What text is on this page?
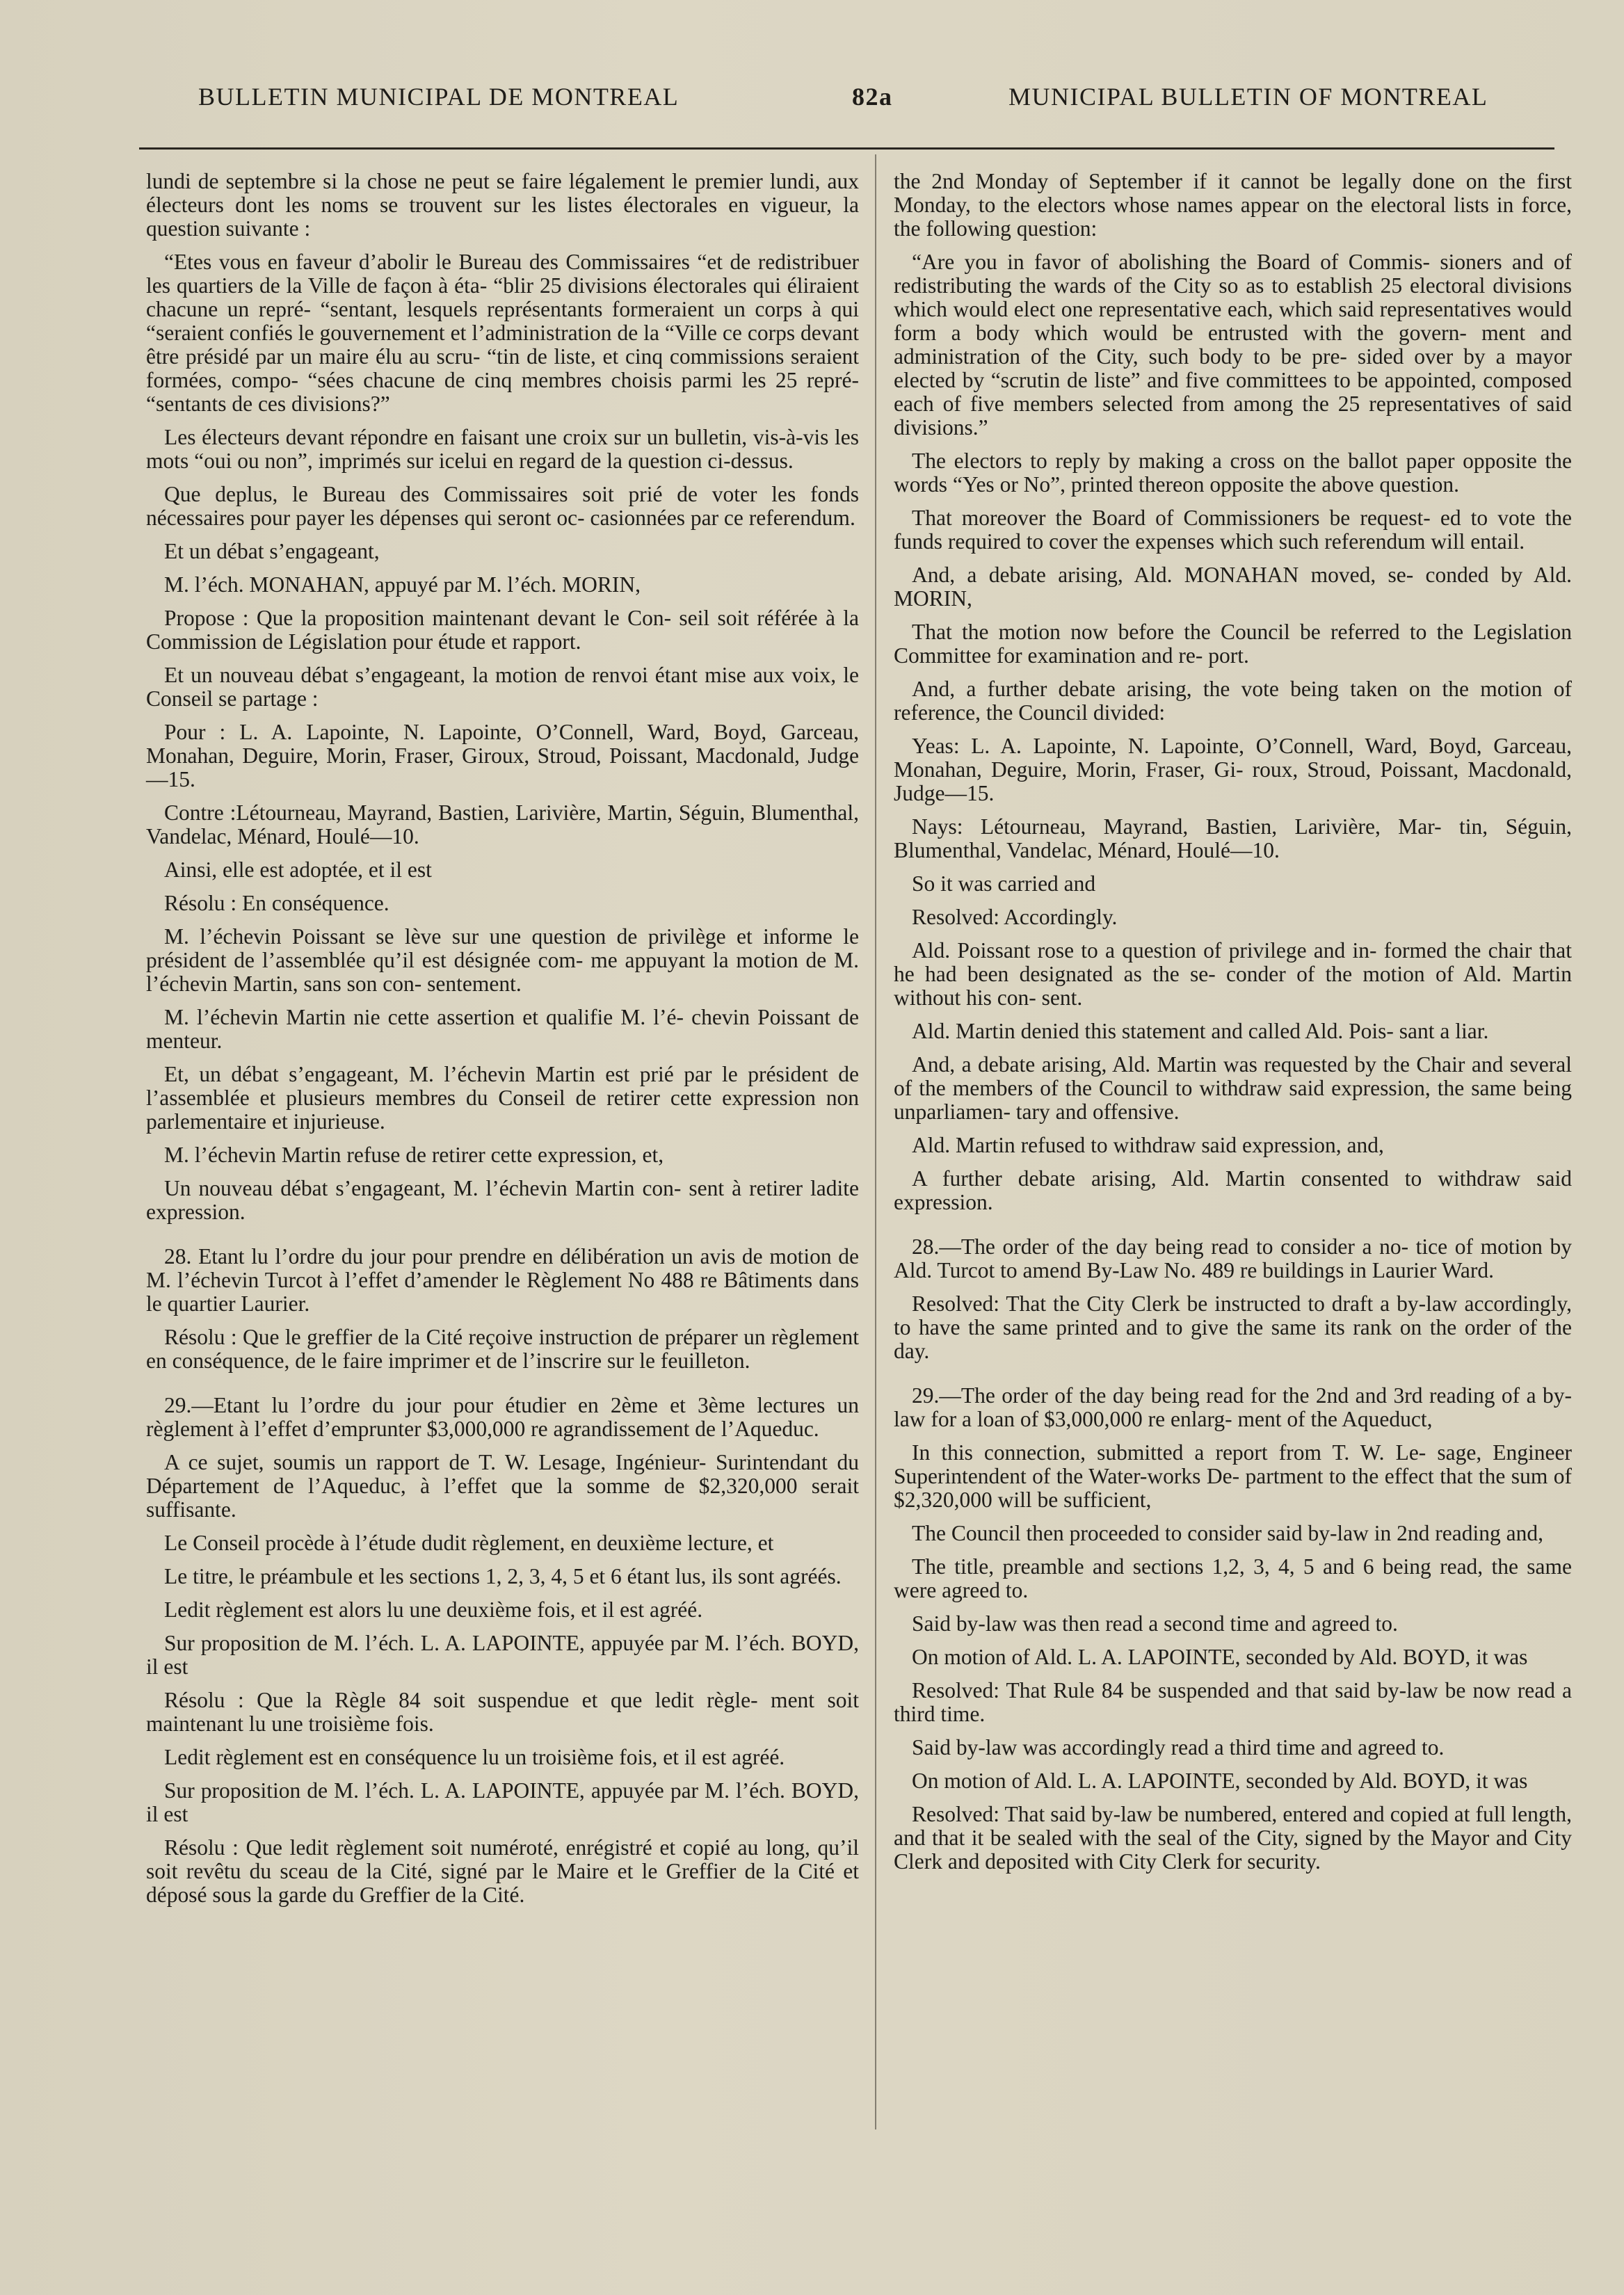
BULLETIN MUNICIPAL DE MONTREAL	82a	MUNICIPAL BULLETIN OF MONTREAL

lundi de septembre si la chose ne peut se faire légalement le premier lundi, aux électeurs dont les noms se trouvent sur les listes électorales en vigueur, la question suivante :

“Etes vous en faveur d’abolir le Bureau des Commissaires “et de redistribuer les quartiers de la Ville de façon à éta- “blir 25 divisions électorales qui éliraient chacune un repré- “sentant, lesquels représentants formeraient un corps à qui “seraient confiés le gouvernement et l’administration de la “Ville ce corps devant être présidé par un maire élu au scru- “tin de liste, et cinq commissions seraient formées, compo- “sées chacune de cinq membres choisis parmi les 25 repré- “sentants de ces divisions?”

Les électeurs devant répondre en faisant une croix sur un bulletin, vis-à-vis les mots “oui ou non”, imprimés sur icelui en regard de la question ci-dessus.

Que deplus, le Bureau des Commissaires soit prié de voter les fonds nécessaires pour payer les dépenses qui seront oc- casionnées par ce referendum.

Et un débat s’engageant,

M. l’éch. MONAHAN, appuyé par M. l’éch. MORIN,

Propose : Que la proposition maintenant devant le Con- seil soit référée à la Commission de Législation pour étude et rapport.

Et un nouveau débat s’engageant, la motion de renvoi étant mise aux voix, le Conseil se partage :

Pour : L. A. Lapointe, N. Lapointe, O’Connell, Ward, Boyd, Garceau, Monahan, Deguire, Morin, Fraser, Giroux, Stroud, Poissant, Macdonald, Judge—15.

Contre :Létourneau, Mayrand, Bastien, Larivière, Martin, Séguin, Blumenthal, Vandelac, Ménard, Houlé—10.

Ainsi, elle est adoptée, et il est

Résolu : En conséquence.

M. l’échevin Poissant se lève sur une question de privilège et informe le président de l’assemblée qu’il est désignée com- me appuyant la motion de M. l’échevin Martin, sans son con- sentement.

M. l’échevin Martin nie cette assertion et qualifie M. l’é- chevin Poissant de menteur.

Et, un débat s’engageant, M. l’échevin Martin est prié par le président de l’assemblée et plusieurs membres du Conseil de retirer cette expression non parlementaire et injurieuse.

M. l’échevin Martin refuse de retirer cette expression, et,

Un nouveau débat s’engageant, M. l’échevin Martin con- sent à retirer ladite expression.

28. Etant lu l’ordre du jour pour prendre en délibération un avis de motion de M. l’échevin Turcot à l’effet d’amender le Règlement No 488 re Bâtiments dans le quartier Laurier.

Résolu : Que le greffier de la Cité reçoive instruction de préparer un règlement en conséquence, de le faire imprimer et de l’inscrire sur le feuilleton.

29.—Etant lu l’ordre du jour pour étudier en 2ème et 3ème lectures un règlement à l’effet d’emprunter $3,000,000 re agrandissement de l’Aqueduc.

A ce sujet, soumis un rapport de T. W. Lesage, Ingénieur- Surintendant du Département de l’Aqueduc, à l’effet que la somme de $2,320,000 serait suffisante.

Le Conseil procède à l’étude dudit règlement, en deuxième lecture, et

Le titre, le préambule et les sections 1, 2, 3, 4, 5 et 6 étant lus, ils sont agréés.

Ledit règlement est alors lu une deuxième fois, et il est agréé.

Sur proposition de M. l’éch. L. A. LAPOINTE, appuyée par M. l’éch. BOYD, il est

Résolu : Que la Règle 84 soit suspendue et que ledit règle- ment soit maintenant lu une troisième fois.

Ledit règlement est en conséquence lu un troisième fois, et il est agréé.

Sur proposition de M. l’éch. L. A. LAPOINTE, appuyée par M. l’éch. BOYD, il est

Résolu : Que ledit règlement soit numéroté, enrégistré et copié au long, qu’il soit revêtu du sceau de la Cité, signé par le Maire et le Greffier de la Cité et déposé sous la garde du Greffier de la Cité.

the 2nd Monday of September if it cannot be legally done on the first Monday, to the electors whose names appear on the electoral lists in force, the following question:

“Are you in favor of abolishing the Board of Commis- sioners and of redistributing the wards of the City so as to establish 25 electoral divisions which would elect one representative each, which said representatives would form a body which would be entrusted with the govern- ment and administration of the City, such body to be pre- sided over by a mayor elected by “scrutin de liste” and five committees to be appointed, composed each of five members selected from among the 25 representatives of said divisions.”

The electors to reply by making a cross on the ballot paper opposite the words “Yes or No”, printed thereon opposite the above question.

That moreover the Board of Commissioners be request- ed to vote the funds required to cover the expenses which such referendum will entail.

And, a debate arising, Ald. MONAHAN moved, se- conded by Ald. MORIN,

That the motion now before the Council be referred to the Legislation Committee for examination and re- port.

And, a further debate arising, the vote being taken on the motion of reference, the Council divided:

Yeas: L. A. Lapointe, N. Lapointe, O’Connell, Ward, Boyd, Garceau, Monahan, Deguire, Morin, Fraser, Gi- roux, Stroud, Poissant, Macdonald, Judge—15.

Nays: Létourneau, Mayrand, Bastien, Larivière, Mar- tin, Séguin, Blumenthal, Vandelac, Ménard, Houlé—10.

So it was carried and

Resolved: Accordingly.

Ald. Poissant rose to a question of privilege and in- formed the chair that he had been designated as the se- conder of the motion of Ald. Martin without his con- sent.

Ald. Martin denied this statement and called Ald. Pois- sant a liar.

And, a debate arising, Ald. Martin was requested by the Chair and several of the members of the Council to withdraw said expression, the same being unparliamen- tary and offensive.

Ald. Martin refused to withdraw said expression, and,

A further debate arising, Ald. Martin consented to withdraw said expression.

28.—The order of the day being read to consider a no- tice of motion by Ald. Turcot to amend By-Law No. 489 re buildings in Laurier Ward.

Resolved: That the City Clerk be instructed to draft a by-law accordingly, to have the same printed and to give the same its rank on the order of the day.

29.—The order of the day being read for the 2nd and 3rd reading of a by-law for a loan of $3,000,000 re enlarg- ment of the Aqueduct,

In this connection, submitted a report from T. W. Le- sage, Engineer Superintendent of the Water-works De- partment to the effect that the sum of $2,320,000 will be sufficient,

The Council then proceeded to consider said by-law in 2nd reading and,

The title, preamble and sections 1,2, 3, 4, 5 and 6 being read, the same were agreed to.

Said by-law was then read a second time and agreed to.

On motion of Ald. L. A. LAPOINTE, seconded by Ald. BOYD, it was

Resolved: That Rule 84 be suspended and that said by-law be now read a third time.

Said by-law was accordingly read a third time and agreed to.

On motion of Ald. L. A. LAPOINTE, seconded by Ald. BOYD, it was

Resolved: That said by-law be numbered, entered and copied at full length, and that it be sealed with the seal of the City, signed by the Mayor and City Clerk and deposited with City Clerk for security.
